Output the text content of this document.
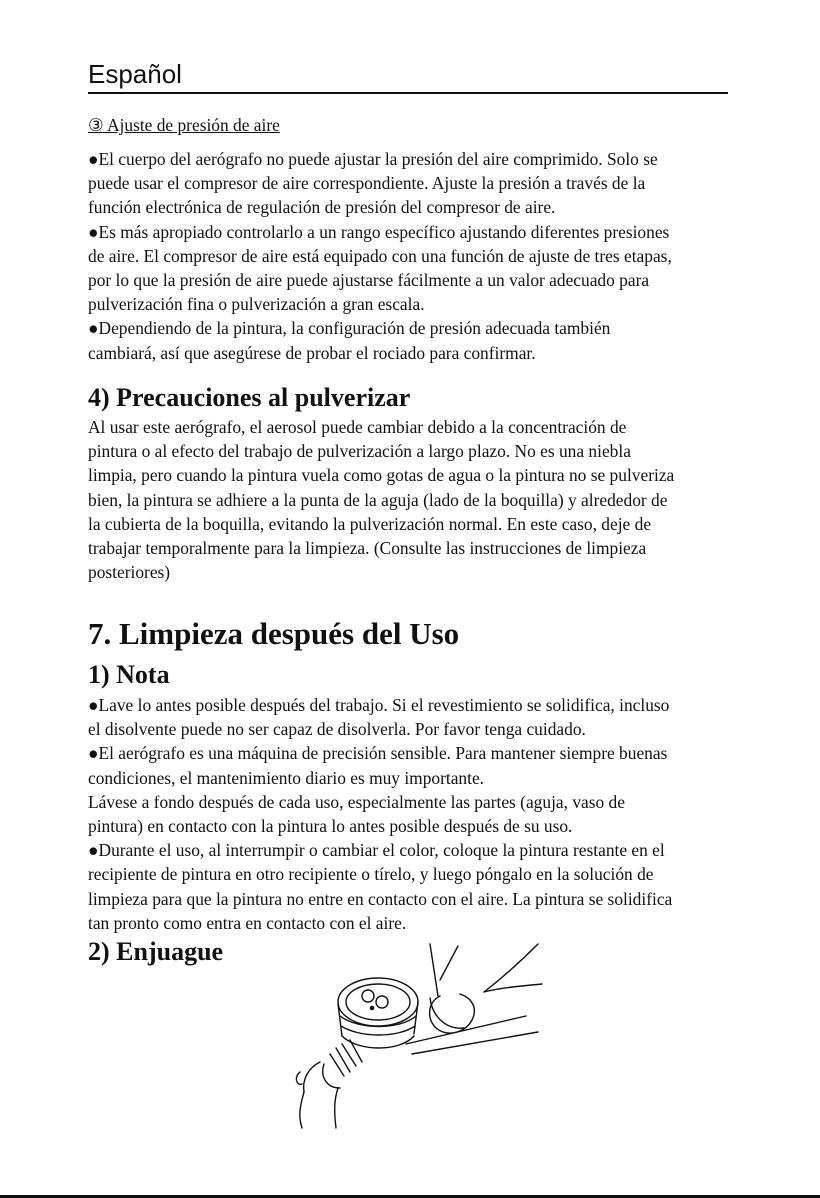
Español

③ Ajuste de presión de aire

●El cuerpo del aerógrafo no puede ajustar la presión del aire comprimido. Solo se

puede usar el compresor de aire correspondiente. Ajuste la presión a través de la

función electrónica de regulación de presión del compresor de aire.

●Es más apropiado controlarlo a un rango específico ajustando diferentes presiones

de aire. El compresor de aire está equipado con una función de ajuste de tres etapas,

por lo que la presión de aire puede ajustarse fácilmente a un valor adecuado para

pulverización fina o pulverización a gran escala.

●Dependiendo de la pintura, la configuración de presión adecuada también

cambiará, así que asegúrese de probar el rociado para confirmar.

4) Precauciones al pulverizar

Al usar este aerógrafo, el aerosol puede cambiar debido a la concentración de

pintura o al efecto del trabajo de pulverización a largo plazo. No es una niebla

limpia, pero cuando la pintura vuela como gotas de agua o la pintura no se pulveriza

bien, la pintura se adhiere a la punta de la aguja (lado de la boquilla) y alrededor de

la cubierta de la boquilla, evitando la pulverización normal. En este caso, deje de

trabajar temporalmente para la limpieza. (Consulte las instrucciones de limpieza

posteriores)

7. Limpieza después del Uso

1) Nota

●Lave lo antes posible después del trabajo. Si el revestimiento se solidifica, incluso

el disolvente puede no ser capaz de disolverla. Por favor tenga cuidado.

●El aerógrafo es una máquina de precisión sensible. Para mantener siempre buenas

condiciones, el mantenimiento diario es muy importante.

Lávese a fondo después de cada uso, especialmente las partes (aguja, vaso de

pintura) en contacto con la pintura lo antes posible después de su uso.

●Durante el uso, al interrumpir o cambiar el color, coloque la pintura restante en el

recipiente de pintura en otro recipiente o tírelo, y luego póngalo en la solución de

limpieza para que la pintura no entre en contacto con el aire. La pintura se solidifica

tan pronto como entra en contacto con el aire.

2) Enjuague
